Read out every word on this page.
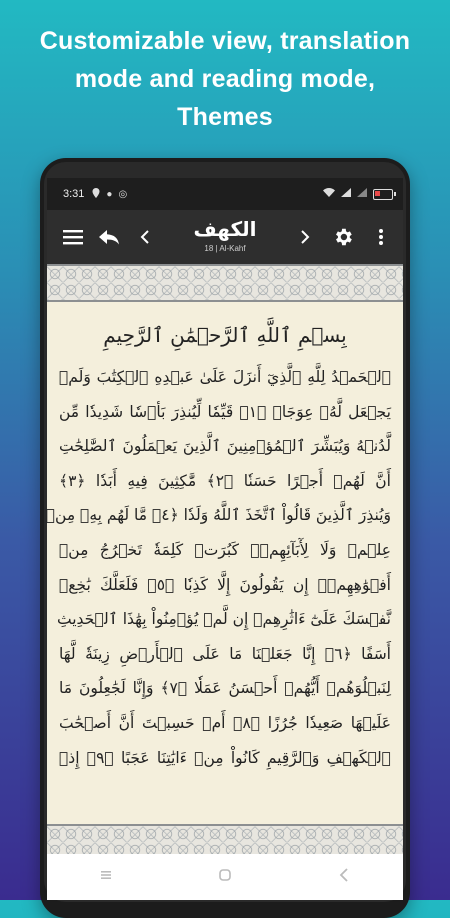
Customizable view, translation
mode and reading mode,
Themes
3:31 ● ◎
الكهف
18 | Al-Kahf
بِسۡمِ ٱللَّهِ ٱلرَّحۡمَٰنِ ٱلرَّحِيمِ
ٱلۡحَمۡدُ لِلَّهِ ٱلَّذِيٓ أَنزَلَ عَلَىٰ عَبۡدِهِ ٱلۡكِتَٰبَ وَلَمۡ
يَجۡعَل لَّهُۥ عِوَجَاۜ ﴿١﴾ قَيِّمٗا لِّيُنذِرَ بَأۡسٗا شَدِيدٗا مِّن
لَّدُنۡهُ وَيُبَشِّرَ ٱلۡمُؤۡمِنِينَ ٱلَّذِينَ يَعۡمَلُونَ ٱلصَّٰلِحَٰتِ
أَنَّ لَهُمۡ أَجۡرًا حَسَنٗا ﴿٢﴾ مَّٰكِثِينَ فِيهِ أَبَدٗا ﴿٣﴾
وَيُنذِرَ ٱلَّذِينَ قَالُواْ ٱتَّخَذَ ٱللَّهُ وَلَدٗا ﴿٤﴾ مَّا لَهُم بِهِۦ مِنۡ
عِلۡمٖ وَلَا لِأٓبَآئِهِمۡۚ كَبُرَتۡ كَلِمَةٗ تَخۡرُجُ مِنۡ
أَفۡوَٰهِهِمۡۚ إِن يَقُولُونَ إِلَّا كَذِبٗا ﴿٥﴾ فَلَعَلَّكَ بَٰخِعٞ
نَّفۡسَكَ عَلَىٰٓ ءَاثَٰرِهِمۡ إِن لَّمۡ يُؤۡمِنُواْ بِهَٰذَا ٱلۡحَدِيثِ
أَسَفًا ﴿٦﴾ إِنَّا جَعَلۡنَا مَا عَلَى ٱلۡأَرۡضِ زِينَةٗ لَّهَا
لِنَبۡلُوَهُمۡ أَيُّهُمۡ أَحۡسَنُ عَمَلٗا ﴿٧﴾ وَإِنَّا لَجَٰعِلُونَ مَا
عَلَيۡهَا صَعِيدٗا جُرُزًا ﴿٨﴾ أَمۡ حَسِبۡتَ أَنَّ أَصۡحَٰبَ
ٱلۡكَهۡفِ وَٱلرَّقِيمِ كَانُواْ مِنۡ ءَايَٰتِنَا عَجَبًا ﴿٩﴾ إِذۡ
